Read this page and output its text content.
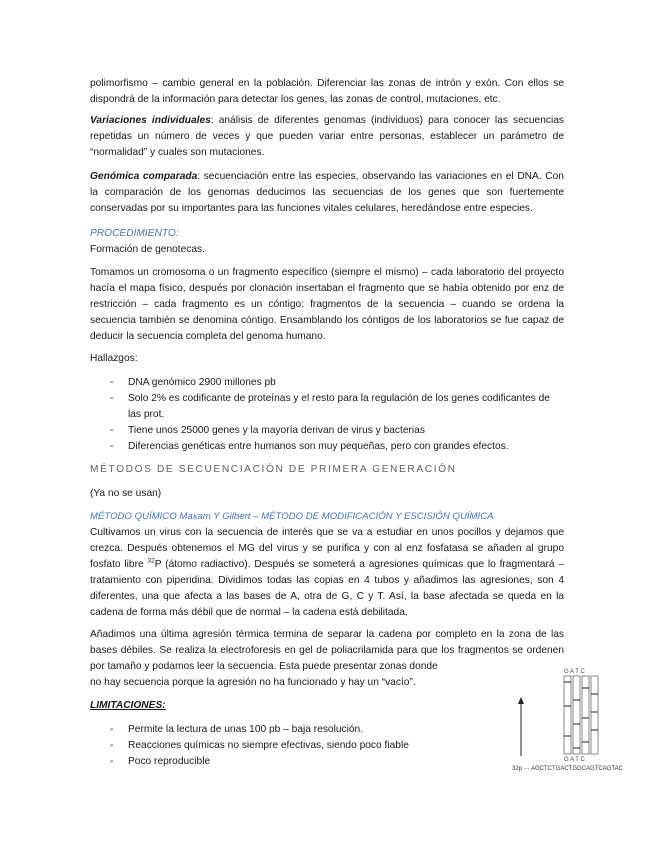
polimorfismo – cambio general en la población. Diferenciar las zonas de intrón y exón. Con ellos se dispondrá de la información para detectar los genes, las zonas de control, mutaciones, etc.

Variaciones individuales: análisis de diferentes genomas (individuos) para conocer las secuencias repetidas un número de veces y que pueden variar entre personas, establecer un parámetro de “normalidad” y cuales son mutaciones.

Genómica comparada: secuenciación entre las especies, observando las variaciones en el DNA. Con la comparación de los genomas deducimos las secuencias de los genes que son fuertemente conservadas por su importantes para las funciones vitales celulares, heredándose entre especies.

PROCEDIMIENTO:

Formación de genotecas.

Tomamos un cromosoma o un fragmento específico (siempre el mismo) – cada laboratorio del proyecto hacía el mapa físico, después por clonación insertaban el fragmento que se había obtenido por enz de restricción – cada fragmento es un cóntigo: fragmentos de la secuencia – cuando se ordena la secuencia también se denomina cóntigo. Ensamblando los cóntigos de los laboratorios se fue capaz de deducir la secuencia completa del genoma humano.

Hallazgos:

- DNA genómico 2900 millones pb
- Solo 2% es codificante de proteínas y el resto para la regulación de los genes codificantes de las prot.
- Tiene unos 25000 genes y la mayoría derivan de virus y bacterias
- Diferencias genéticas entre humanos son muy pequeñas, pero con grandes efectos.

MÉTODOS DE SECUENCIACIÓN DE PRIMERA GENERACIÓN

(Ya no se usan)

MÉTODO QUÍMICO Maxam Y Gilbert – MÉTODO DE MODIFICACIÓN Y ESCISIÓN QUÍMICA

Cultivamos un virus con la secuencia de interés que se va a estudiar en unos pocillos y dejamos que crezca. Después obtenemos el MG del virus y se purifica y con al enz fosfatasa se añaden al grupo fosfato libre $^{32}$P (átomo radiactivo). Después se someterá a agresiones químicas que lo fragmentará – tratamiento con piperidina. Dividimos todas las copias en 4 tubos y añadimos las agresiones, son 4 diferentes, una que afecta a las bases de A, otra de G, C y T. Así, la base afectada se queda en la cadena de forma más débil que de normal – la cadena está debilitada.

Añadimos una última agresión térmica termina de separar la cadena por completo en la zona de las bases débiles. Se realiza la electroforesis en gel de poliacrilamida para que los fragmentos se ordenen por tamaño y podamos leer la secuencia. Esta puede presentar zonas donde

no hay secuencia porque la agresión no ha funcionado y hay un “vacío”.

LIMITACIONES:

- Permite la lectura de unas 100 pb – baja resolución.
- Reacciones químicas no siempre efectivas, siendo poco fiable
- Poco reproducible
G A T C
G A T C
32p ··· AGCTCTGACTGGCAGTCAGTAC
